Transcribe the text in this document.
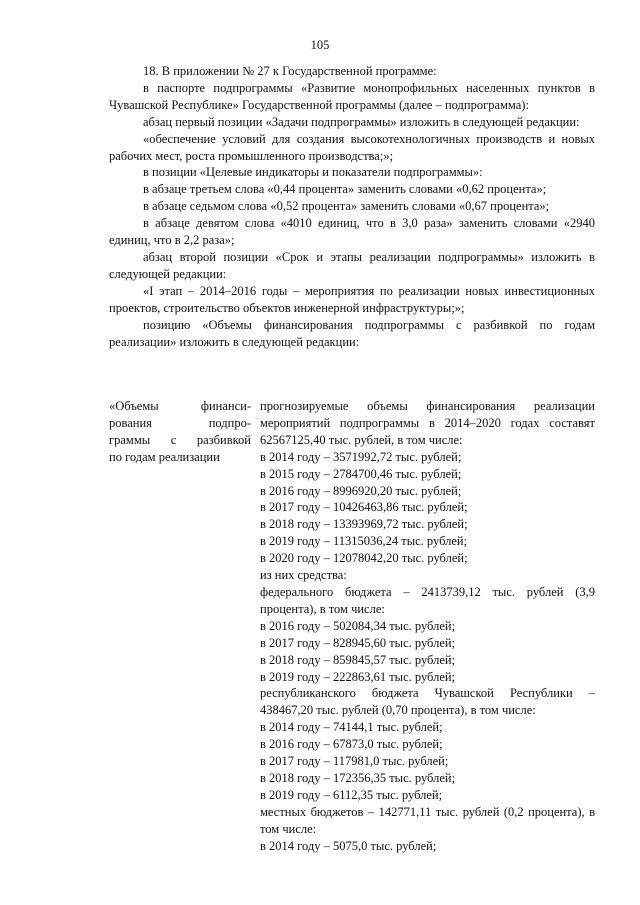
105

18. В приложении № 27 к Государственной программе:

в паспорте подпрограммы «Развитие монопрофильных населенных пунктов в Чувашской Республике» Государственной программы (далее – подпрограмма):

абзац первый позиции «Задачи подпрограммы» изложить в следующей редакции:

«обеспечение условий для создания высокотехнологичных производств и новых рабочих мест, роста промышленного производства;»;

в позиции «Целевые индикаторы и показатели подпрограммы»:

в абзаце третьем слова «0,44 процента» заменить словами «0,62 процента»;

в абзаце седьмом слова «0,52 процента» заменить словами «0,67 процента»;

в абзаце девятом слова «4010 единиц, что в 3,0 раза» заменить словами «2940 единиц, что в 2,2 раза»;

абзац второй позиции «Срок и этапы реализации подпрограммы» изложить в следующей редакции:

«I этап – 2014–2016 годы – мероприятия по реализации новых инвестиционных проектов, строительство объектов инженерной инфраструктуры;»;

позицию «Объемы финансирования подпрограммы с разбивкой по годам реализации» изложить в следующей редакции:

«Объемы финанси-
рования подпро-
граммы с разбивкой
по годам реализации

прогнозируемые объемы финансирования реализации мероприятий подпрограммы в 2014–2020 годах составят 62567125,40 тыс. рублей, в том числе:

в 2014 году – 3571992,72 тыс. рублей;

в 2015 году – 2784700,46 тыс. рублей;

в 2016 году – 8996920,20 тыс. рублей;

в 2017 году – 10426463,86 тыс. рублей;

в 2018 году – 13393969,72 тыс. рублей;

в 2019 году – 11315036,24 тыс. рублей;

в 2020 году – 12078042,20 тыс. рублей;

из них средства:

федерального бюджета – 2413739,12 тыс. рублей (3,9 процента), в том числе:

в 2016 году – 502084,34 тыс. рублей;

в 2017 году – 828945,60 тыс. рублей;

в 2018 году – 859845,57 тыс. рублей;

в 2019 году – 222863,61 тыс. рублей;

республиканского бюджета Чувашской Республики – 438467,20 тыс. рублей (0,70 процента), в том числе:

в 2014 году – 74144,1 тыс. рублей;

в 2016 году – 67873,0 тыс. рублей;

в 2017 году – 117981,0 тыс. рублей;

в 2018 году – 172356,35 тыс. рублей;

в 2019 году – 6112,35 тыс. рублей;

местных бюджетов – 142771,11 тыс. рублей (0,2 процента), в том числе:

в 2014 году – 5075,0 тыс. рублей;
